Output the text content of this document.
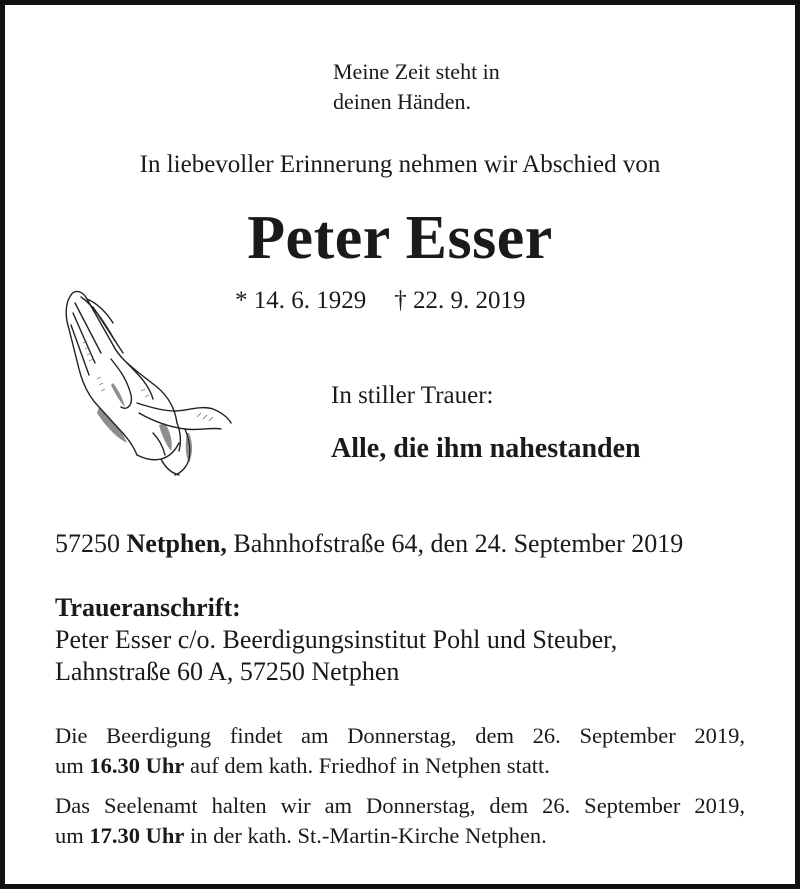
Meine Zeit steht in
deinen Händen.
In liebevoller Erinnerung nehmen wir Abschied von
Peter Esser
* 14. 6. 1929 † 22. 9. 2019
In stiller Trauer:
Alle, die ihm nahestanden
57250 Netphen, Bahnhofstraße 64, den 24. September 2019
Traueranschrift:
Peter Esser c/o. Beerdigungsinstitut Pohl und Steuber,
Lahnstraße 60 A, 57250 Netphen
Die Beerdigung findet am Donnerstag, dem 26. September 2019,
um 16.30 Uhr auf dem kath. Friedhof in Netphen statt.
Das Seelenamt halten wir am Donnerstag, dem 26. September 2019,
um 17.30 Uhr in der kath. St.-Martin-Kirche Netphen.
